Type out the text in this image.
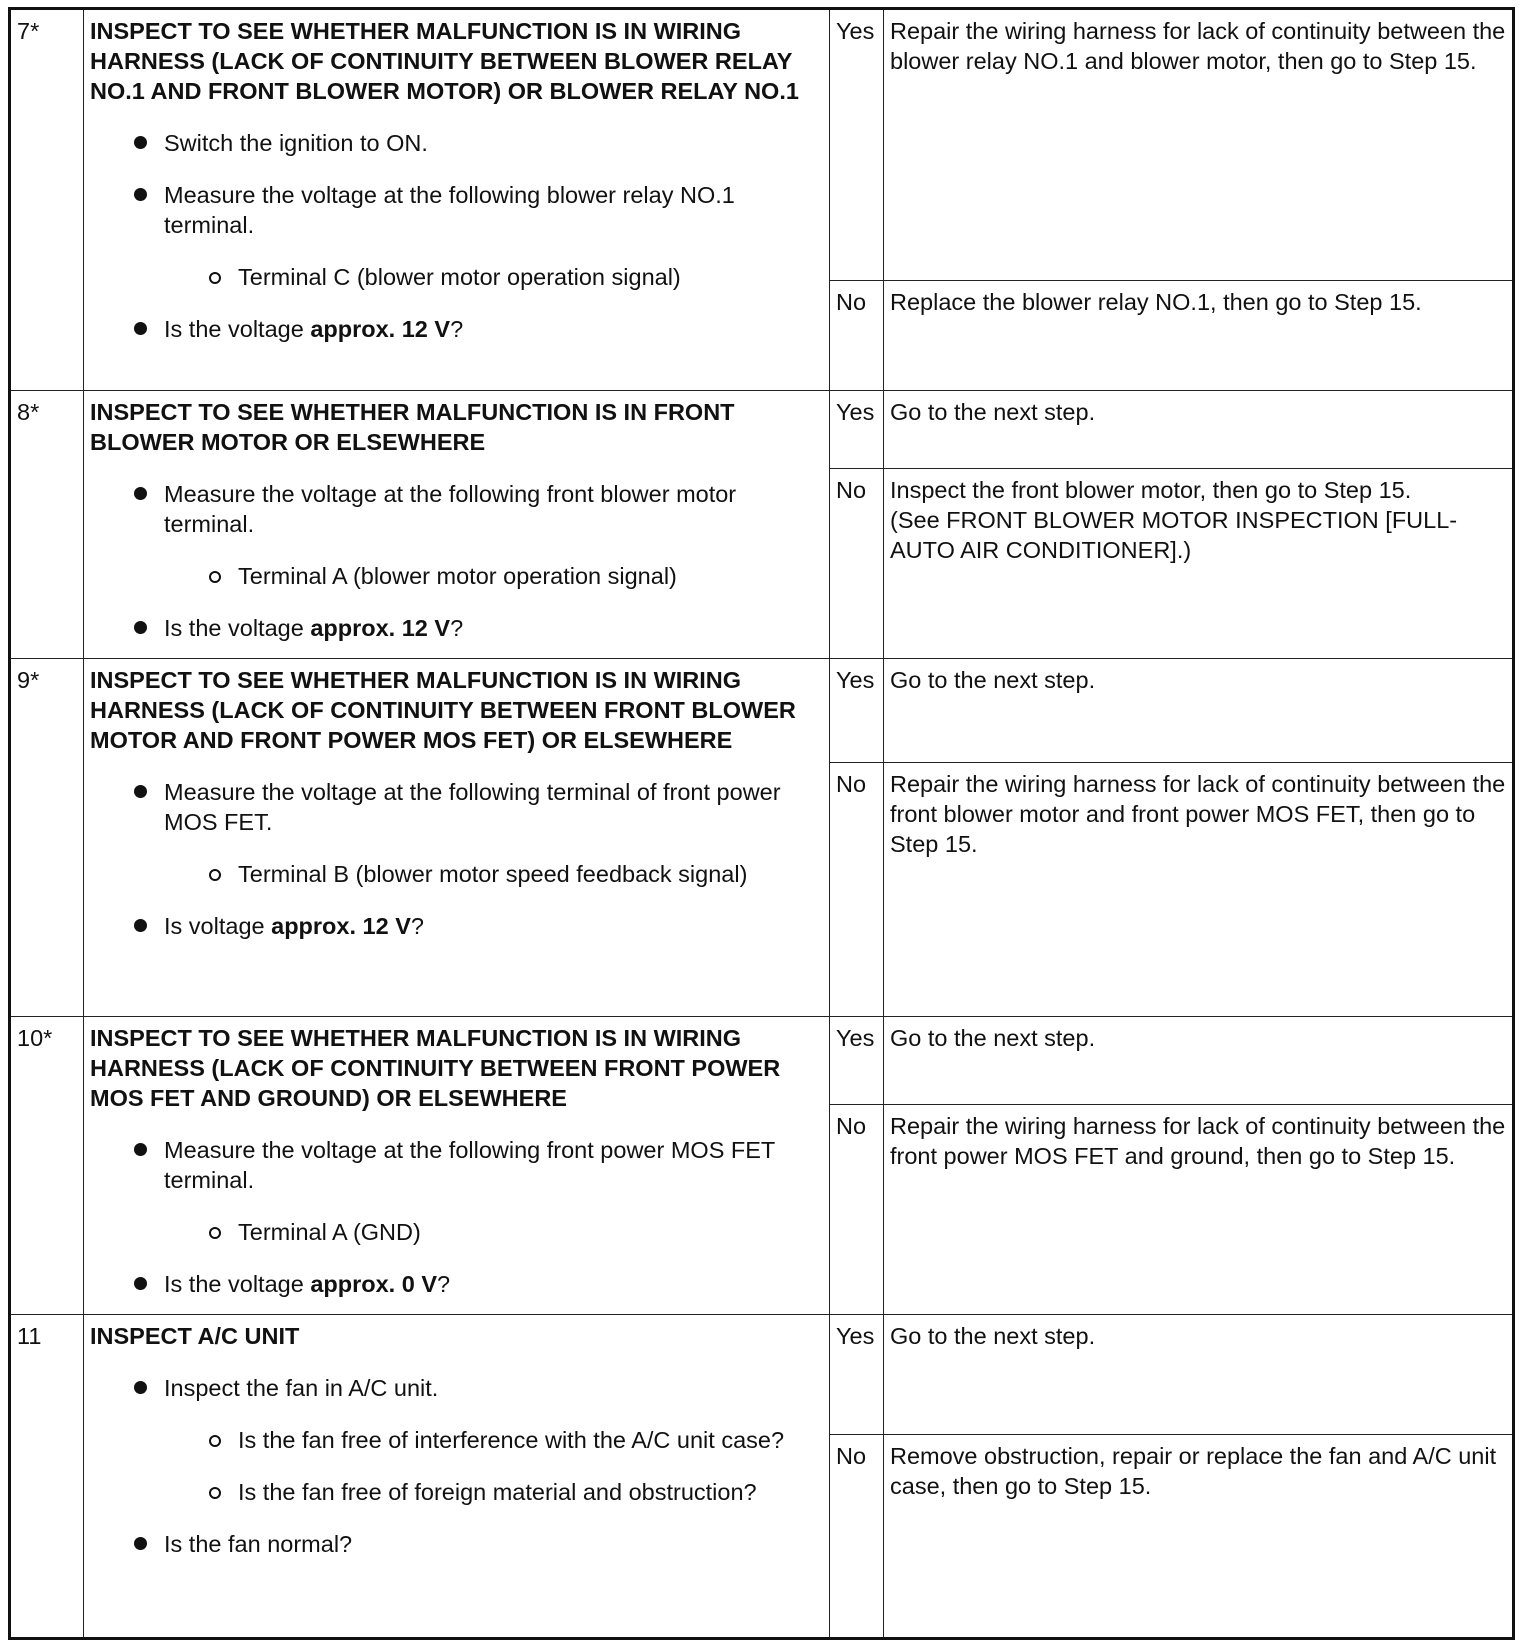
7*	INSPECT TO SEE WHETHER MALFUNCTION IS IN WIRING HARNESS (LACK OF CONTINUITY BETWEEN BLOWER RELAY NO.1 AND FRONT BLOWER MOTOR) OR BLOWER RELAY NO.1
Switch the ignition to ON.
Measure the voltage at the following blower relay NO.1 terminal.
Terminal C (blower motor operation signal)
Is the voltage approx. 12 V?	Yes	Repair the wiring harness for lack of continuity between the blower relay NO.1 and blower motor, then go to Step 15.
		No	Replace the blower relay NO.1, then go to Step 15.
8*	INSPECT TO SEE WHETHER MALFUNCTION IS IN FRONT BLOWER MOTOR OR ELSEWHERE
Measure the voltage at the following front blower motor terminal.
Terminal A (blower motor operation signal)
Is the voltage approx. 12 V?	Yes	Go to the next step.
		No	Inspect the front blower motor, then go to Step 15.
(See FRONT BLOWER MOTOR INSPECTION [FULL-AUTO AIR CONDITIONER].)

9*	INSPECT TO SEE WHETHER MALFUNCTION IS IN WIRING HARNESS (LACK OF CONTINUITY BETWEEN FRONT BLOWER MOTOR AND FRONT POWER MOS FET) OR ELSEWHERE
Measure the voltage at the following terminal of front power MOS FET.
Terminal B (blower motor speed feedback signal)
Is voltage approx. 12 V?	Yes	Go to the next step.
		No	Repair the wiring harness for lack of continuity between the front blower motor and front power MOS FET, then go to Step 15.
10*	INSPECT TO SEE WHETHER MALFUNCTION IS IN WIRING HARNESS (LACK OF CONTINUITY BETWEEN FRONT POWER MOS FET AND GROUND) OR ELSEWHERE
Measure the voltage at the following front power MOS FET terminal.
Terminal A (GND)
Is the voltage approx. 0 V?	Yes	Go to the next step.
		No	Repair the wiring harness for lack of continuity between the front power MOS FET and ground, then go to Step 15.
11	INSPECT A/C UNIT
Inspect the fan in A/C unit.
Is the fan free of interference with the A/C unit case?
Is the fan free of foreign material and obstruction?
Is the fan normal?	Yes	Go to the next step.
		No	Remove obstruction, repair or replace the fan and A/C unit case, then go to Step 15.
